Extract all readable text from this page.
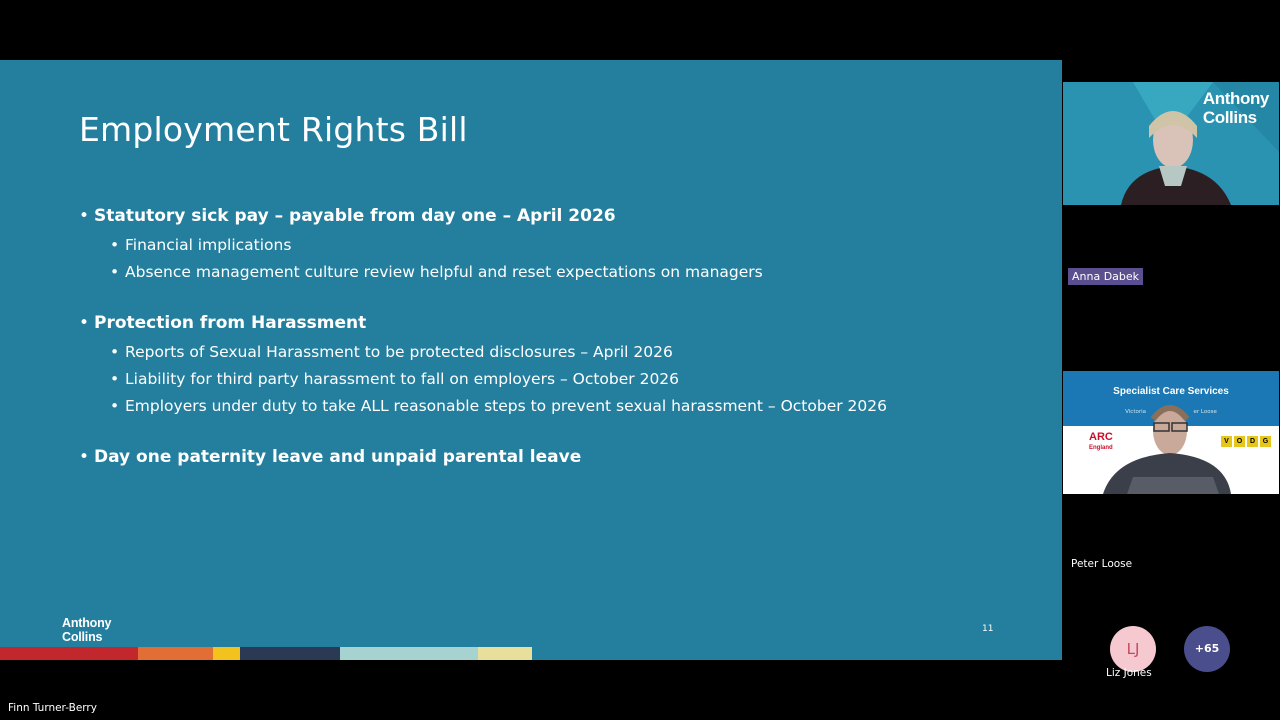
Employment Rights Bill
• Statutory sick pay – payable from day one – April 2026
• Financial implications
• Absence management culture review helpful and reset expectations on managers
• Protection from Harassment
• Reports of Sexual Harassment to be protected disclosures – April 2026
• Liability for third party harassment to fall on employers – October 2026
• Employers under duty to take ALL reasonable steps to prevent sexual harassment – October 2026
• Day one paternity leave and unpaid parental leave
Anthony
Collins
11
Anthony
Collins
Anna Dabek
Specialist Care Services
Victoria	er Loose
ARC
England
V	O	D	G
Peter Loose
LJ
Liz Jones
+65
Finn Turner-Berry
